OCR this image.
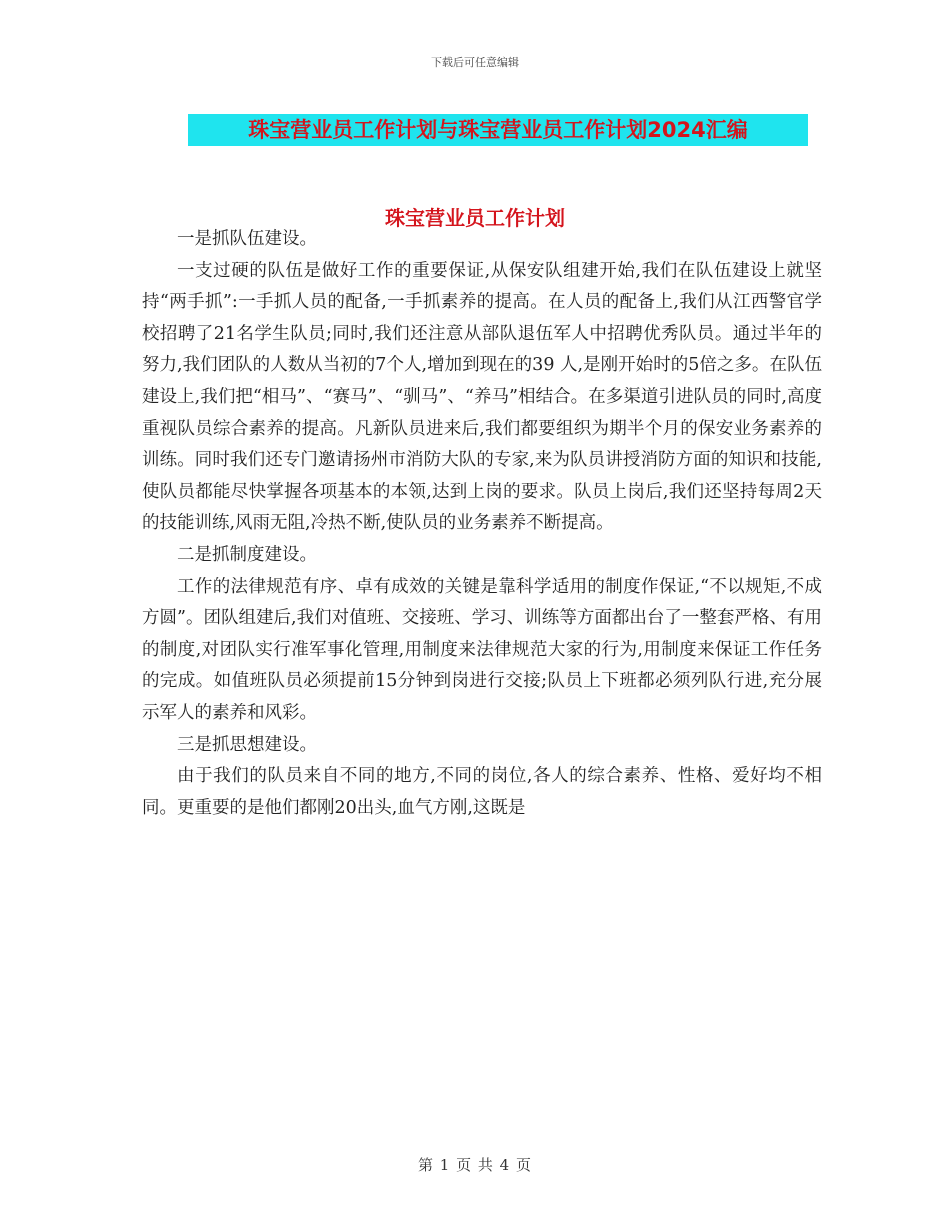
下载后可任意编辑
珠宝营业员工作计划与珠宝营业员工作计划2024汇编
珠宝营业员工作计划

一是抓队伍建设。

一支过硬的队伍是做好工作的重要保证,从保安队组建开始,我们在队伍建设上就坚持“两手抓”:一手抓人员的配备,一手抓素养的提高。在人员的配备上,我们从江西警官学校招聘了21名学生队员;同时,我们还注意从部队退伍军人中招聘优秀队员。通过半年的努力,我们团队的人数从当初的7个人,增加到现在的39 人,是刚开始时的5倍之多。在队伍建设上,我们把“相马”、“赛马”、“驯马”、“养马”相结合。在多渠道引进队员的同时,高度重视队员综合素养的提高。凡新队员进来后,我们都要组织为期半个月的保安业务素养的训练。同时我们还专门邀请扬州市消防大队的专家,来为队员讲授消防方面的知识和技能,使队员都能尽快掌握各项基本的本领,达到上岗的要求。队员上岗后,我们还坚持每周2天的技能训练,风雨无阻,冷热不断,使队员的业务素养不断提高。

二是抓制度建设。

工作的法律规范有序、卓有成效的关键是靠科学适用的制度作保证,“不以规矩,不成方圆”。团队组建后,我们对值班、交接班、学习、训练等方面都出台了一整套严格、有用的制度,对团队实行准军事化管理,用制度来法律规范大家的行为,用制度来保证工作任务的完成。如值班队员必须提前15分钟到岗进行交接;队员上下班都必须列队行进,充分展示军人的素养和风彩。

三是抓思想建设。

由于我们的队员来自不同的地方,不同的岗位,各人的综合素养、性格、爱好均不相同。更重要的是他们都刚20出头,血气方刚,这既是

第 1 页 共 4 页
